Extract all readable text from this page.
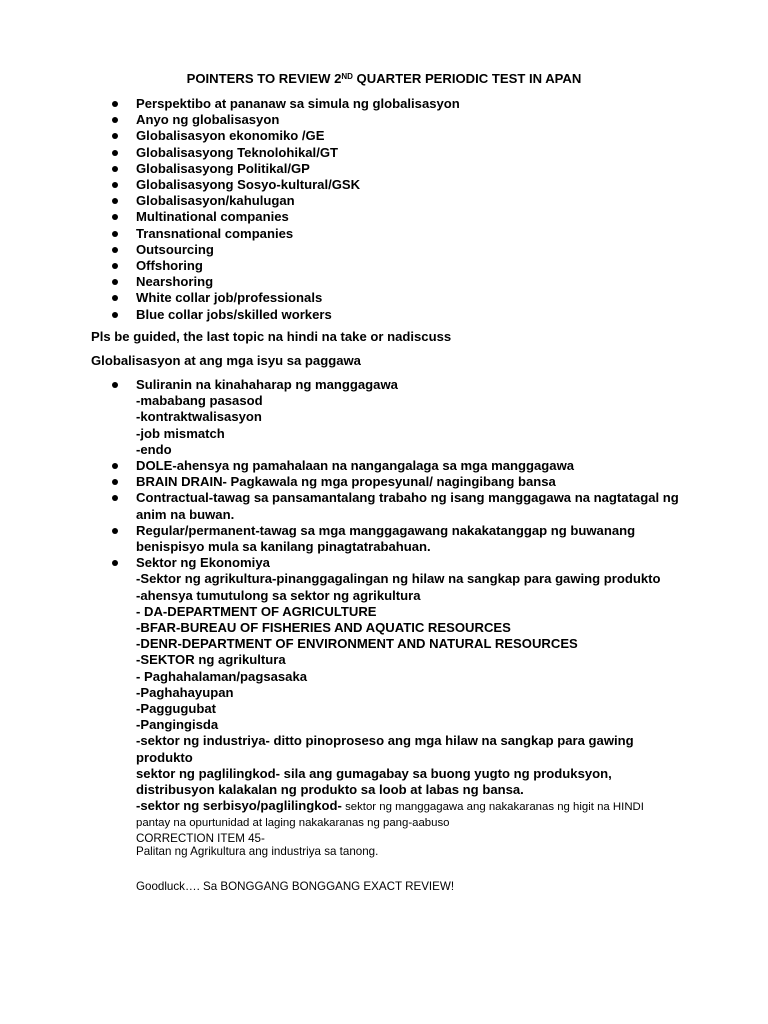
POINTERS TO REVIEW 2ND QUARTER PERIODIC TEST IN APAN
Perspektibo at pananaw sa simula ng globalisasyon
Anyo ng globalisasyon
Globalisasyon ekonomiko /GE
Globalisasyong Teknolohikal/GT
Globalisasyong Politikal/GP
Globalisasyong Sosyo-kultural/GSK
Globalisasyon/kahulugan
Multinational companies
Transnational companies
Outsourcing
Offshoring
Nearshoring
White collar job/professionals
Blue collar jobs/skilled workers
Pls be guided, the last topic na hindi na take or nadiscuss
Globalisasyon at ang mga isyu sa paggawa
Suliranin na kinahaharap ng manggagawa
-mababang pasasod
-kontraktwalisasyon
-job mismatch
-endo
DOLE-ahensya ng pamahalaan na nangangalaga sa mga manggagawa
BRAIN DRAIN- Pagkawala ng mga propesyunal/ nagingibang bansa
Contractual-tawag sa pansamantalang trabaho ng isang manggagawa na nagtatagal ng
anim na buwan.
Regular/permanent-tawag sa mga manggagawang nakakatanggap ng buwanang
benispisyo mula sa kanilang pinagtatrabahuan.
Sektor ng Ekonomiya
-Sektor ng agrikultura-pinanggagalingan ng hilaw na sangkap para gawing produkto
-ahensya tumutulong sa sektor ng agrikultura
- DA-DEPARTMENT OF AGRICULTURE
-BFAR-BUREAU OF FISHERIES AND AQUATIC RESOURCES
-DENR-DEPARTMENT OF ENVIRONMENT AND NATURAL RESOURCES
-SEKTOR ng agrikultura
- Paghahalaman/pagsasaka
-Paghahayupan
-Paggugubat
-Pangingisda
-sektor ng industriya- ditto pinoproseso ang mga hilaw na sangkap para gawing
produkto
sektor ng paglilingkod- sila ang gumagabay sa buong yugto ng produksyon,
distribusyon kalakalan ng produkto sa loob at labas ng bansa.
-sektor ng serbisyo/paglilingkod- sektor ng manggagawa ang nakakaranas ng higit na HINDI
pantay na opurtunidad at laging nakakaranas ng pang-aabuso
CORRECTION ITEM 45-
Palitan ng Agrikultura ang industriya sa tanong.
Goodluck…. Sa BONGGANG BONGGANG EXACT REVIEW!
